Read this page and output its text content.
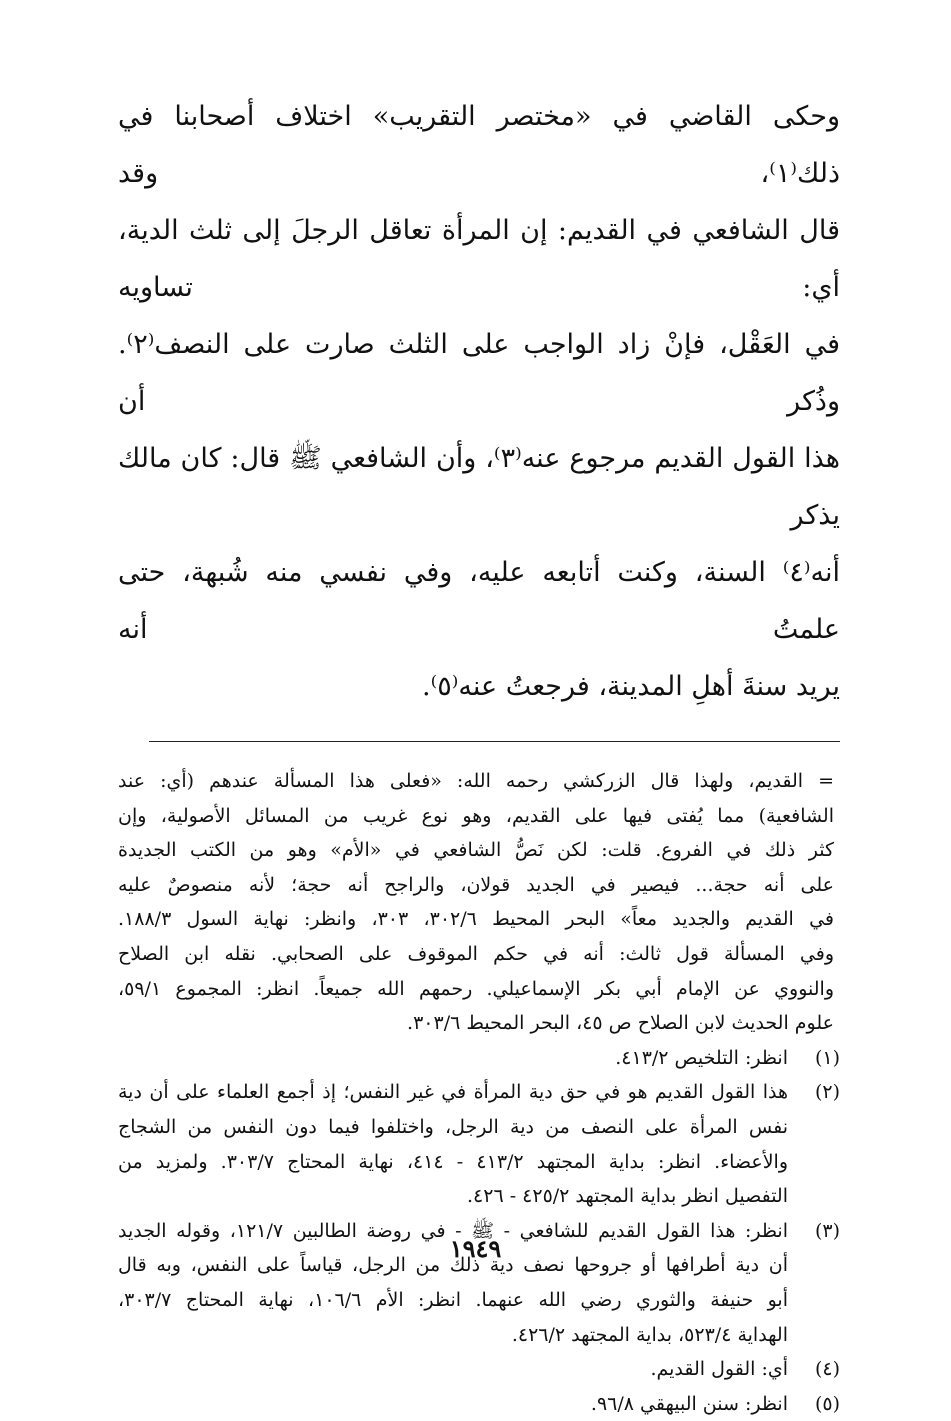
وحكى القاضي في «مختصر التقريب» اختلاف أصحابنا في ذلك⁽١⁾، وقد

قال الشافعي في القديم: إن المرأة تعاقل الرجلَ إلى ثلث الدية، أي: تساويه

في العَقْل، فإنْ زاد الواجب على الثلث صارت على النصف⁽٢⁾. وذُكر أن

هذا القول القديم مرجوع عنه⁽٣⁾، وأن الشافعي ﷺ قال: كان مالك يذكر

أنه⁽٤⁾ السنة، وكنت أتابعه عليه، وفي نفسي منه شُبهة، حتى علمتُ أنه

يريد سنةَ أهلِ المدينة، فرجعتُ عنه⁽٥⁾.

= القديم، ولهذا قال الزركشي رحمه الله: «فعلى هذا المسألة عندهم (أي: عند
الشافعية) مما يُفتى فيها على القديم، وهو نوع غريب من المسائل الأصولية، وإن
كثر ذلك في الفروع. قلت: لكن نَصُّ الشافعي في «الأم» وهو من الكتب الجديدة
على أنه حجة... فيصير في الجديد قولان، والراجح أنه حجة؛ لأنه منصوصٌ عليه
في القديم والجديد معاً» البحر المحيط ٣٠٢/٦، ٣٠٣، وانظر: نهاية السول ١٨٨/٣.
وفي المسألة قول ثالث: أنه في حكم الموقوف على الصحابي. نقله ابن الصلاح
والنووي عن الإمام أبي بكر الإسماعيلي. رحمهم الله جميعاً. انظر: المجموع ٥٩/١،
علوم الحديث لابن الصلاح ص ٤٥، البحر المحيط ٣٠٣/٦.
(١)
انظر: التلخيص ٤١٣/٢.
(٢)
هذا القول القديم هو في حق دية المرأة في غير النفس؛ إذ أجمع العلماء على أن دية
نفس المرأة على النصف من دية الرجل، واختلفوا فيما دون النفس من الشجاج
والأعضاء. انظر: بداية المجتهد ٤١٣/٢ - ٤١٤، نهاية المحتاج ٣٠٣/٧. ولمزيد من
التفصيل انظر بداية المجتهد ٤٢٥/٢ - ٤٢٦.
(٣)
انظر: هذا القول القديم للشافعي - ﷺ - في روضة الطالبين ١٢١/٧، وقوله الجديد
أن دية أطرافها أو جروحها نصف دية ذلك من الرجل، قياساً على النفس، وبه قال
أبو حنيفة والثوري رضي الله عنهما. انظر: الأم ١٠٦/٦، نهاية المحتاج ٣٠٣/٧،
الهداية ٥٢٣/٤، بداية المجتهد ٤٢٦/٢.
(٤)
أي: القول القديم.
(٥)
انظر: سنن البيهقي ٩٦/٨.
١٩٤٩
